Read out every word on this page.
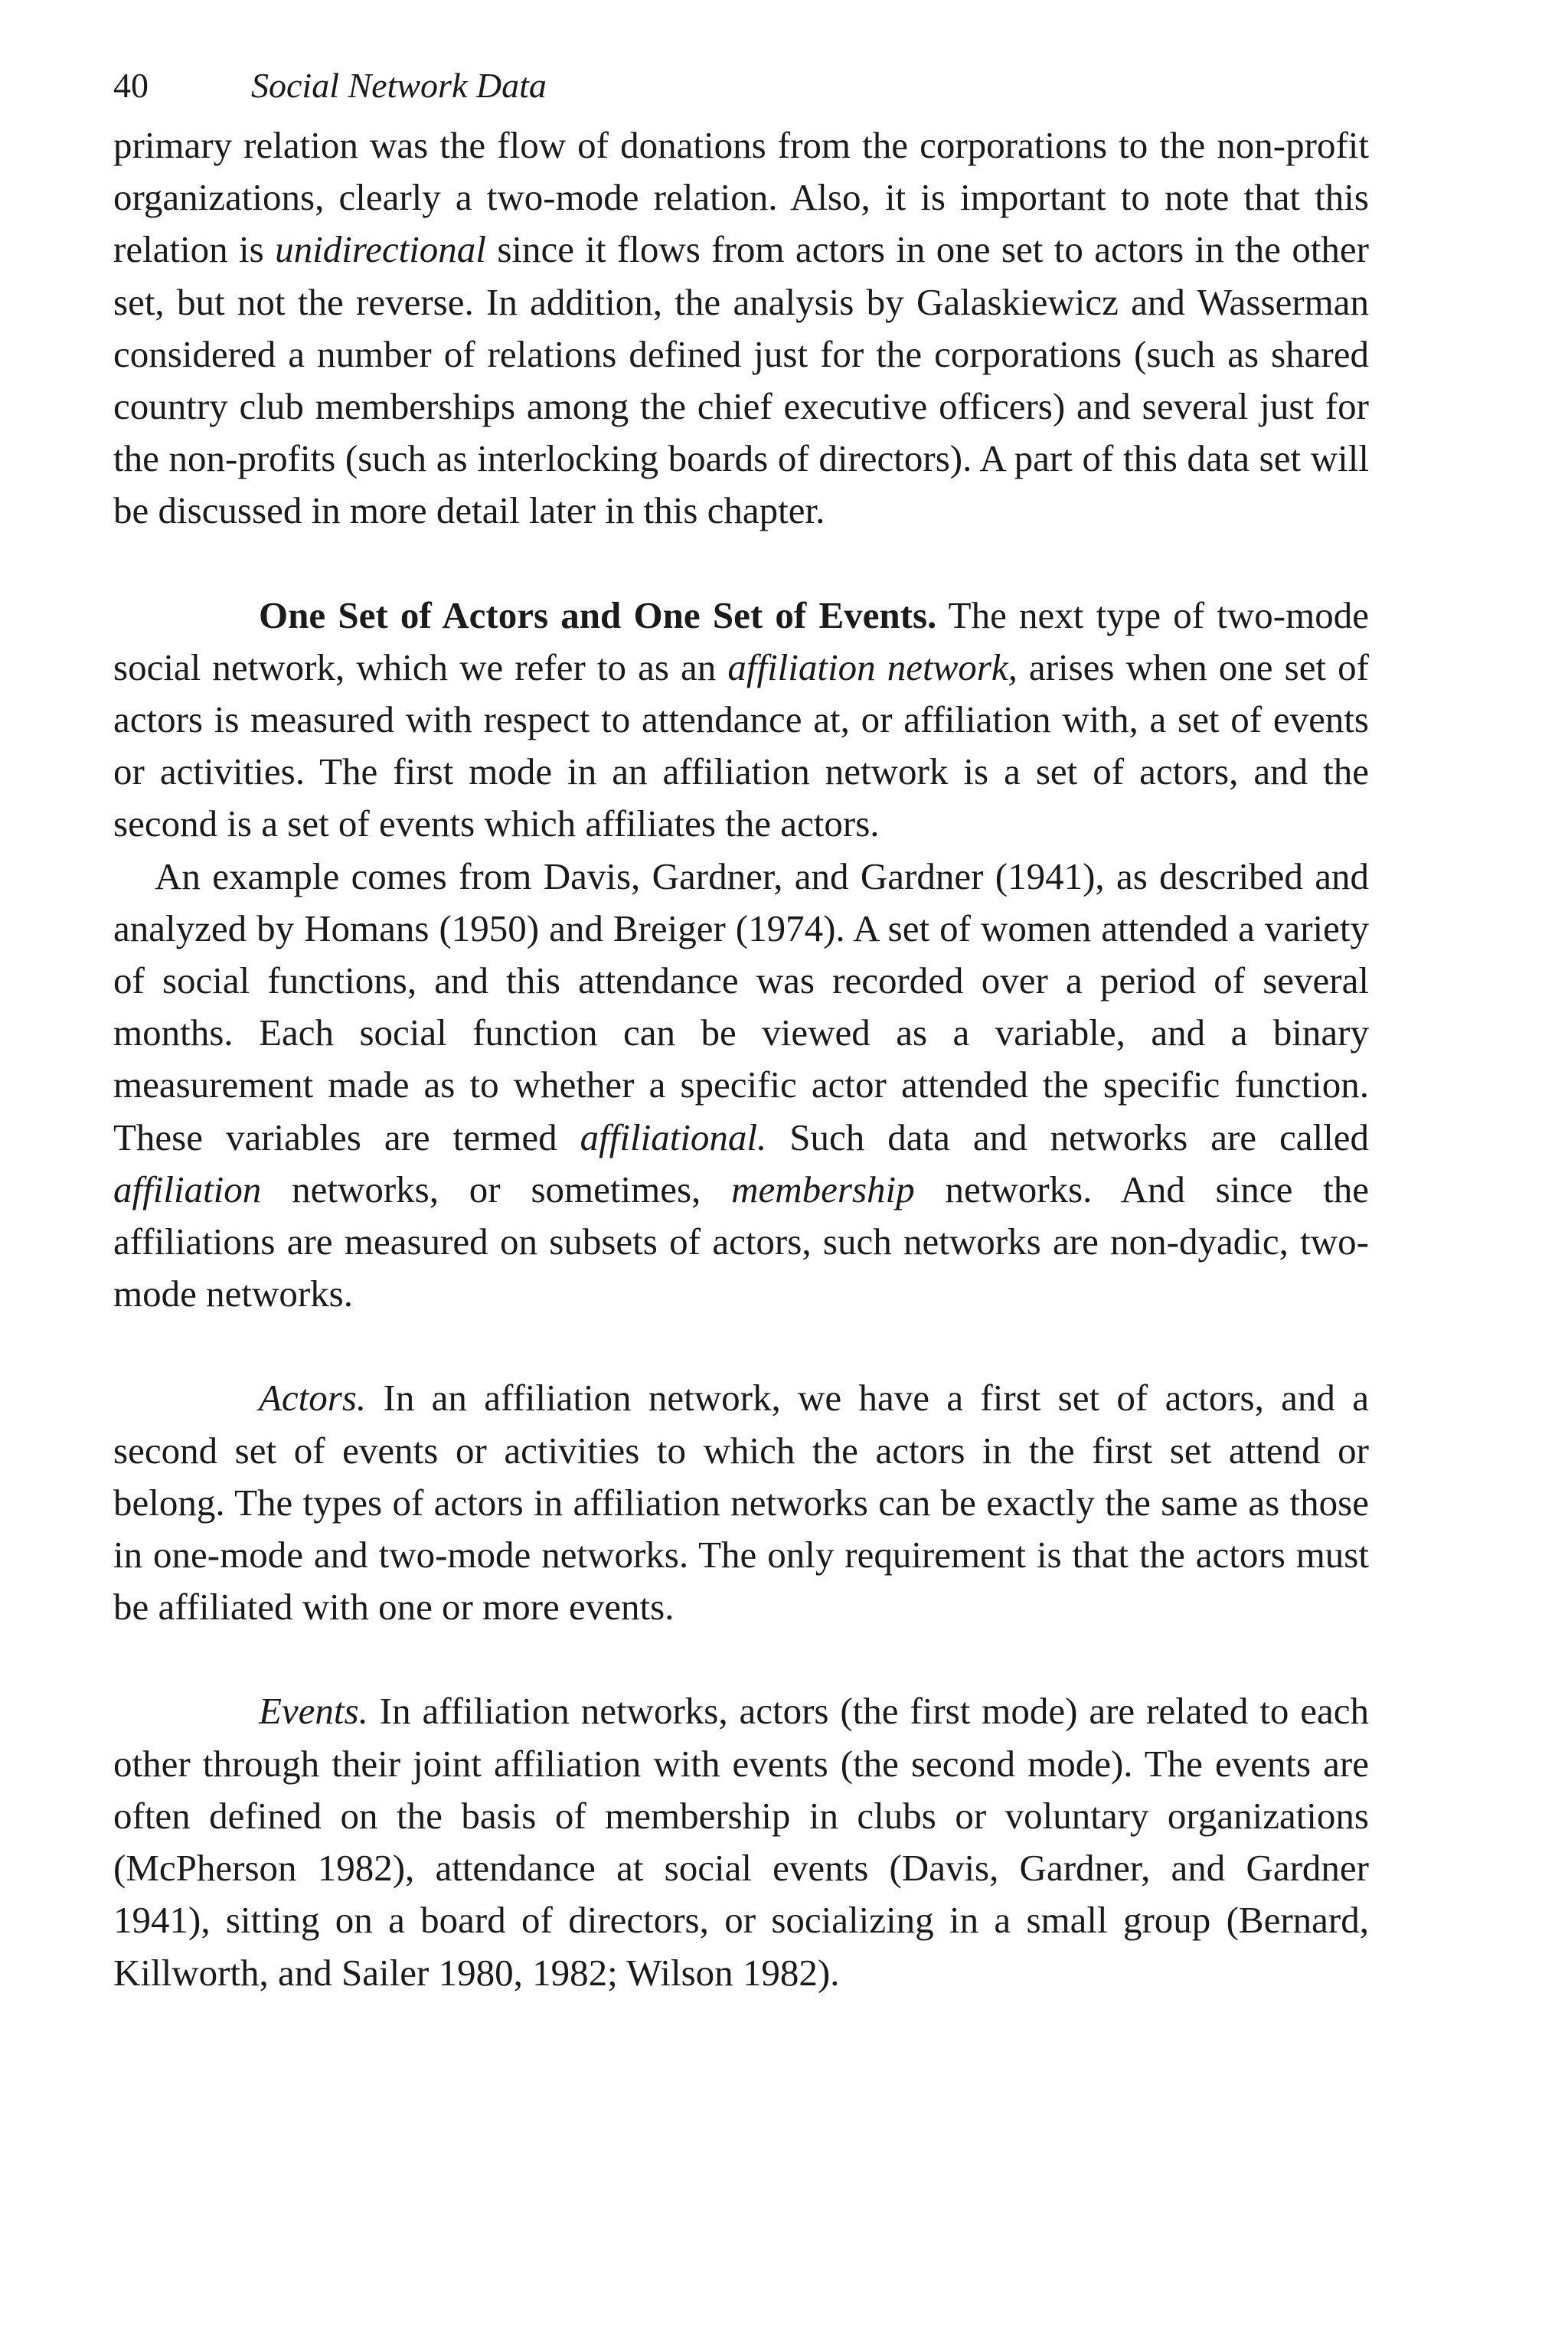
40	Social Network Data

primary relation was the flow of donations from the corporations to the non-profit organizations, clearly a two-mode relation. Also, it is important to note that this relation is unidirectional since it flows from actors in one set to actors in the other set, but not the reverse. In addition, the analysis by Galaskiewicz and Wasserman considered a number of relations defined just for the corporations (such as shared country club memberships among the chief executive officers) and several just for the non-profits (such as interlocking boards of directors). A part of this data set will be discussed in more detail later in this chapter.

One Set of Actors and One Set of Events. The next type of two-mode social network, which we refer to as an affiliation network, arises when one set of actors is measured with respect to attendance at, or affiliation with, a set of events or activities. The first mode in an affiliation network is a set of actors, and the second is a set of events which affiliates the actors.

An example comes from Davis, Gardner, and Gardner (1941), as described and analyzed by Homans (1950) and Breiger (1974). A set of women attended a variety of social functions, and this attendance was recorded over a period of several months. Each social function can be viewed as a variable, and a binary measurement made as to whether a specific actor attended the specific function. These variables are termed affiliational. Such data and networks are called affiliation networks, or sometimes, membership networks. And since the affiliations are measured on subsets of actors, such networks are non-dyadic, two-mode networks.

Actors. In an affiliation network, we have a first set of actors, and a second set of events or activities to which the actors in the first set attend or belong. The types of actors in affiliation networks can be exactly the same as those in one-mode and two-mode networks. The only requirement is that the actors must be affiliated with one or more events.

Events. In affiliation networks, actors (the first mode) are related to each other through their joint affiliation with events (the second mode). The events are often defined on the basis of membership in clubs or voluntary organizations (McPherson 1982), attendance at social events (Davis, Gardner, and Gardner 1941), sitting on a board of directors, or socializing in a small group (Bernard, Killworth, and Sailer 1980, 1982; Wilson 1982).
